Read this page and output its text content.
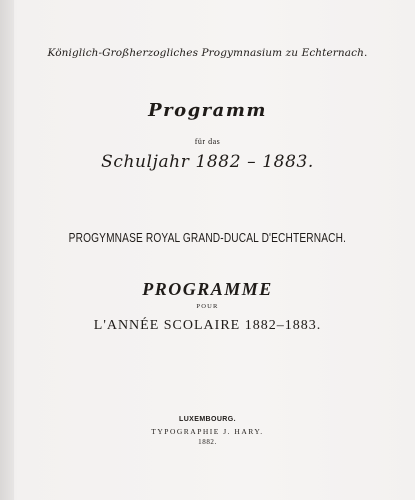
Königlich-Großherzogliches Progymnasium zu Echternach.
Programm
für das
Schuljahr 1882 – 1883.
PROGYMNASE ROYAL GRAND-DUCAL D'ECHTERNACH.
PROGRAMME
POUR
L'ANNÉE SCOLAIRE 1882–1883.
LUXEMBOURG.
TYPOGRAPHIE J. HARY.
1882.
